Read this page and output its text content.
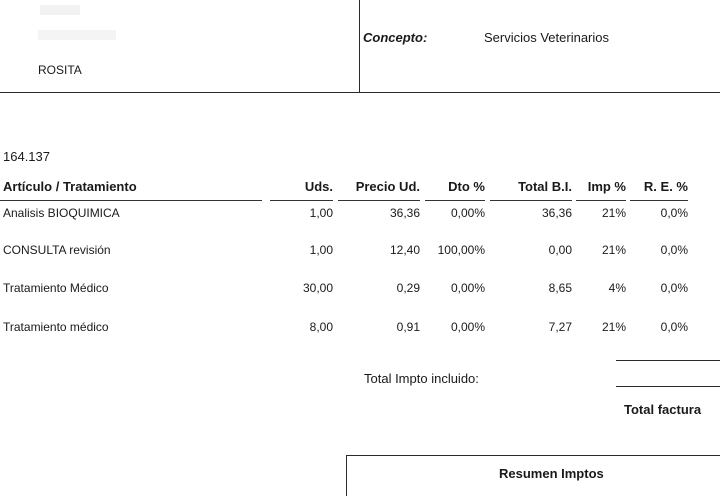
ROSITA
Concepto:	Servicios Veterinarios
164.137
Artículo / Tratamiento	Uds.	Precio Ud.	Dto %	Total B.I.	Imp %	R. E. %
Analisis BIOQUIMICA	1,00	36,36	0,00%	36,36	21%	0,0%
CONSULTA revisión	1,00	12,40	100,00%	0,00	21%	0,0%
Tratamiento Médico	30,00	0,29	0,00%	8,65	4%	0,0%
Tratamiento médico	8,00	0,91	0,00%	7,27	21%	0,0%
Total Impto incluido:
Total factura
Resumen Imptos
